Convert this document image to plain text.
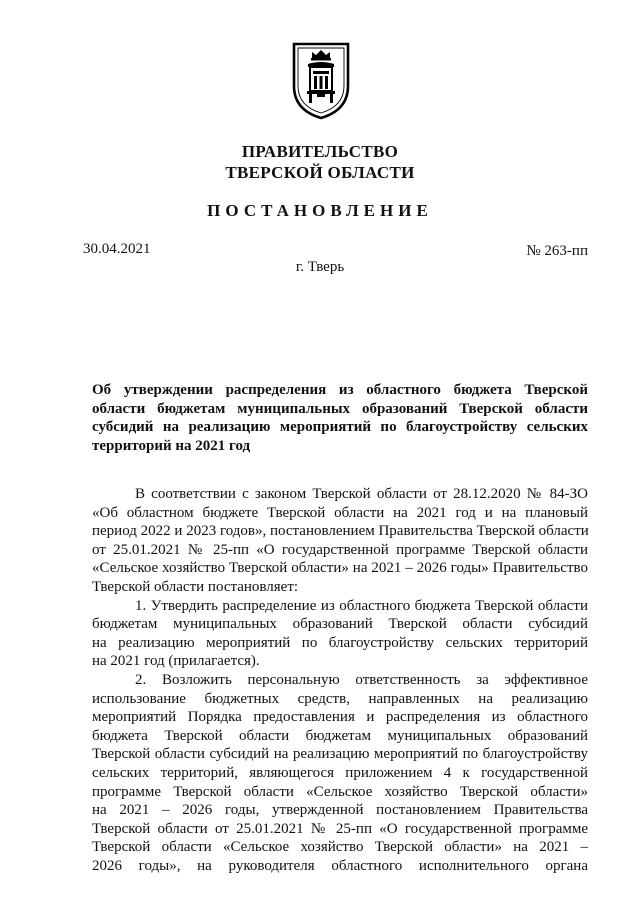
ПРАВИТЕЛЬСТВО
ТВЕРСКОЙ ОБЛАСТИ
ПОСТАНОВЛЕНИЕ
30.04.2021	№ 263-пп
г. Тверь
Об утверждении распределения из областного бюджета Тверской области бюджетам муниципальных образований Тверской области субсидий на реализацию мероприятий по благоустройству сельских территорий на 2021 год
В соответствии с законом Тверской области от 28.12.2020 № 84-ЗО
«Об областном бюджете Тверской области на 2021 год и на плановый
период 2022 и 2023 годов», постановлением Правительства Тверской области
от 25.01.2021 № 25-пп «О государственной программе Тверской области
«Сельское хозяйство Тверской области» на 2021 – 2026 годы» Правительство
Тверской области постановляет:
1. Утвердить распределение из областного бюджета Тверской области
бюджетам муниципальных образований Тверской области субсидий
на реализацию мероприятий по благоустройству сельских территорий
на 2021 год (прилагается).
2. Возложить персональную ответственность за эффективное
использование бюджетных средств, направленных на реализацию
мероприятий Порядка предоставления и распределения из областного
бюджета Тверской области бюджетам муниципальных образований
Тверской области субсидий на реализацию мероприятий по благоустройству
сельских территорий, являющегося приложением 4 к государственной
программе Тверской области «Сельское хозяйство Тверской области»
на 2021 – 2026 годы, утвержденной постановлением Правительства
Тверской области от 25.01.2021 № 25-пп «О государственной программе
Тверской области «Сельское хозяйство Тверской области» на 2021 –
2026 годы», на руководителя областного исполнительного органа
